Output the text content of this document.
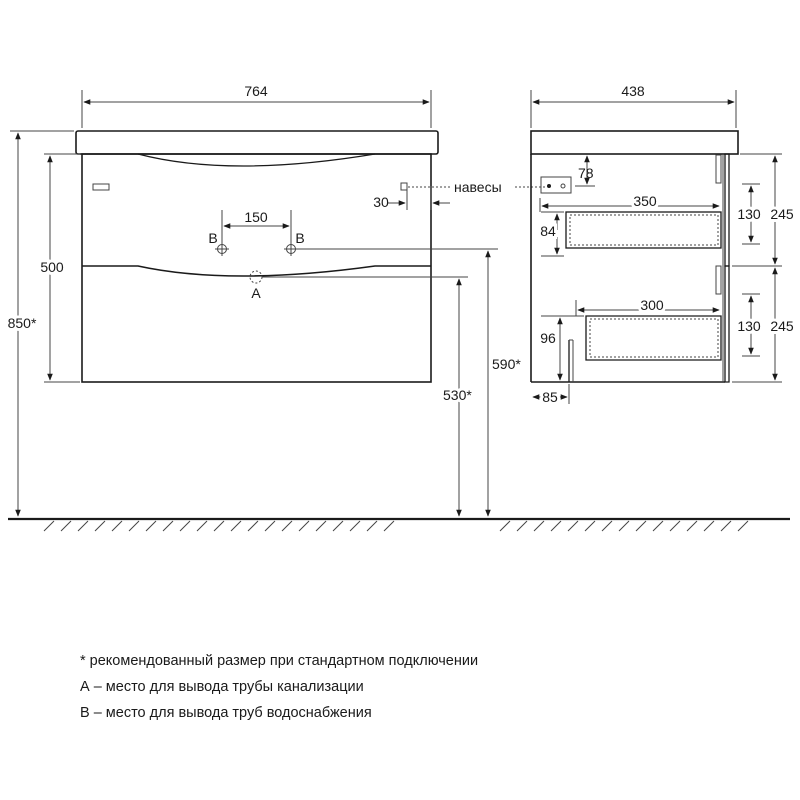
764
150
B	B
A
500
850*
30
навесы
590*
530*
438
78
350
84
300
96
85
130
130
245
245
* рекомендованный размер при стандартном подключении
А – место для вывода трубы канализации
В – место для вывода труб водоснабжения
